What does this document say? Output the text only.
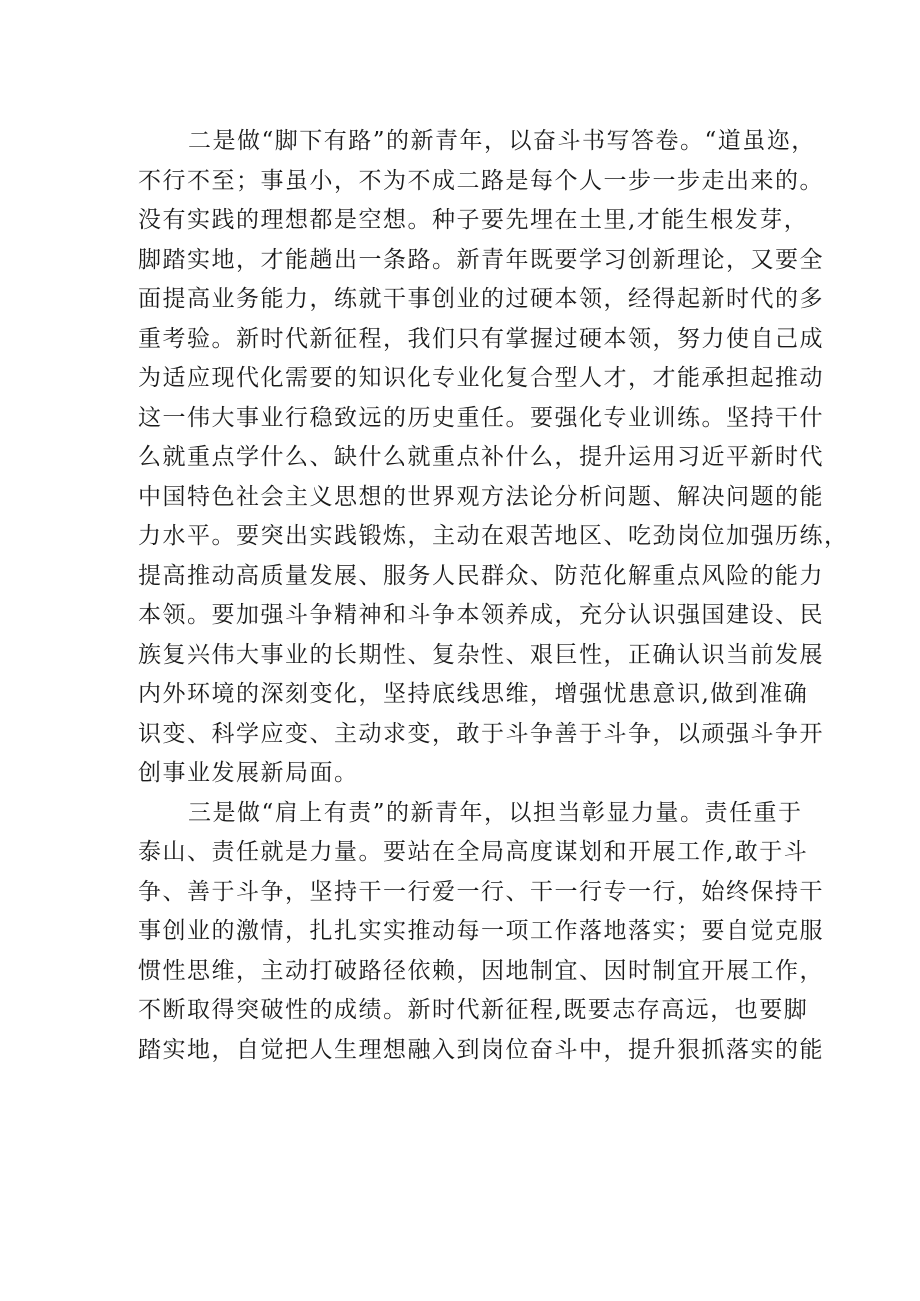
二是做“脚下有路”的新青年，以奋斗书写答卷。“道虽迩，
不行不至；事虽小，不为不成二路是每个人一步一步走出来的。
没有实践的理想都是空想。种子要先埋在土里,才能生根发芽，
脚踏实地，才能趟出一条路。新青年既要学习创新理论，又要全
面提高业务能力，练就干事创业的过硬本领，经得起新时代的多
重考验。新时代新征程，我们只有掌握过硬本领，努力使自己成
为适应现代化需要的知识化专业化复合型人才，才能承担起推动
这一伟大事业行稳致远的历史重任。要强化专业训练。坚持干什
么就重点学什么、缺什么就重点补什么，提升运用习近平新时代
中国特色社会主义思想的世界观方法论分析问题、解决问题的能
力水平。要突出实践锻炼，主动在艰苦地区、吃劲岗位加强历练，
提高推动高质量发展、服务人民群众、防范化解重点风险的能力
本领。要加强斗争精神和斗争本领养成，充分认识强国建设、民
族复兴伟大事业的长期性、复杂性、艰巨性，正确认识当前发展
内外环境的深刻变化，坚持底线思维，增强忧患意识,做到准确
识变、科学应变、主动求变，敢于斗争善于斗争，以顽强斗争开
创事业发展新局面。
三是做“肩上有责”的新青年，以担当彰显力量。责任重于
泰山、责任就是力量。要站在全局高度谋划和开展工作,敢于斗
争、善于斗争，坚持干一行爱一行、干一行专一行，始终保持干
事创业的激情，扎扎实实推动每一项工作落地落实；要自觉克服
惯性思维，主动打破路径依赖，因地制宜、因时制宜开展工作，
不断取得突破性的成绩。新时代新征程,既要志存高远，也要脚
踏实地，自觉把人生理想融入到岗位奋斗中，提升狠抓落实的能
